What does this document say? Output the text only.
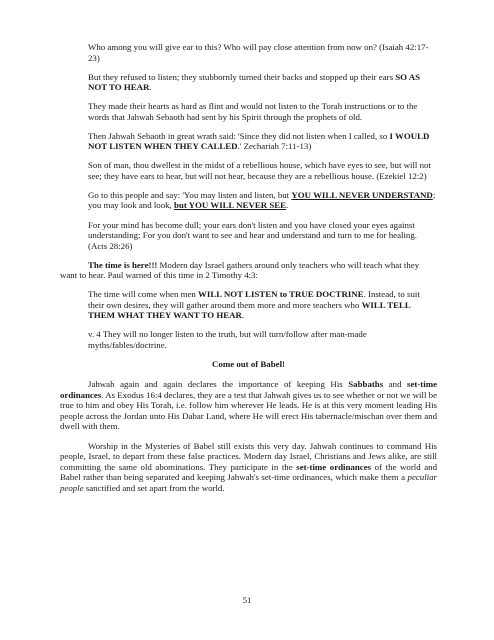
Who among you will give ear to this? Who will pay close attention from now on? (Isaiah 42:17-23)

But they refused to listen; they stubbornly turned their backs and stopped up their ears SO AS NOT TO HEAR.

They made their hearts as hard as flint and would not listen to the Torah instructions or to the words that Jahwah Sebaoth had sent by his Spirit through the prophets of old.

Then Jahwah Sebaoth in great wrath said: 'Since they did not listen when I called, so I WOULD NOT LISTEN WHEN THEY CALLED.' Zechariah 7:11-13)

Son of man, thou dwellest in the midst of a rebellious house, which have eyes to see, but will not see; they have ears to hear, but will not hear, because they are a rebellious house. (Ezekiel 12:2)

Go to this people and say: 'You may listen and listen, but YOU WILL NEVER UNDERSTAND; you may look and look, but YOU WILL NEVER SEE.

For your mind has become dull; your ears don't listen and you have closed your eyes against understanding; For you don't want to see and hear and understand and turn to me for healing. (Acts 28:26)

The time is here!!! Modern day Israel gathers around only teachers who will teach what they want to hear. Paul warned of this time in 2 Timothy 4:3:

The time will come when men WILL NOT LISTEN to TRUE DOCTRINE. Instead, to suit their own desires, they will gather around them more and more teachers who WILL TELL THEM WHAT THEY WANT TO HEAR.

v. 4 They will no longer listen to the truth, but will turn/follow after man-made myths/fables/doctrine.

Come out of Babel!

Jahwah again and again declares the importance of keeping His Sabbaths and set-time ordinances. As Exodus 16:4 declares, they are a test that Jahwah gives us to see whether or not we will be true to him and obey His Torah, i.e. follow him wherever He leads. He is at this very moment leading His people across the Jordan unto His Dabar Land, where He will erect His tabernacle/mischan over them and dwell with them.

Worship in the Mysteries of Babel still exists this very day. Jahwah continues to command His people, Israel, to depart from these false practices. Modern day Israel, Christians and Jews alike, are still committing the same old abominations. They participate in the set-time ordinances of the world and Babel rather than being separated and keeping Jahwah's set-time ordinances, which make them a peculiar people sanctified and set apart from the world.

51
